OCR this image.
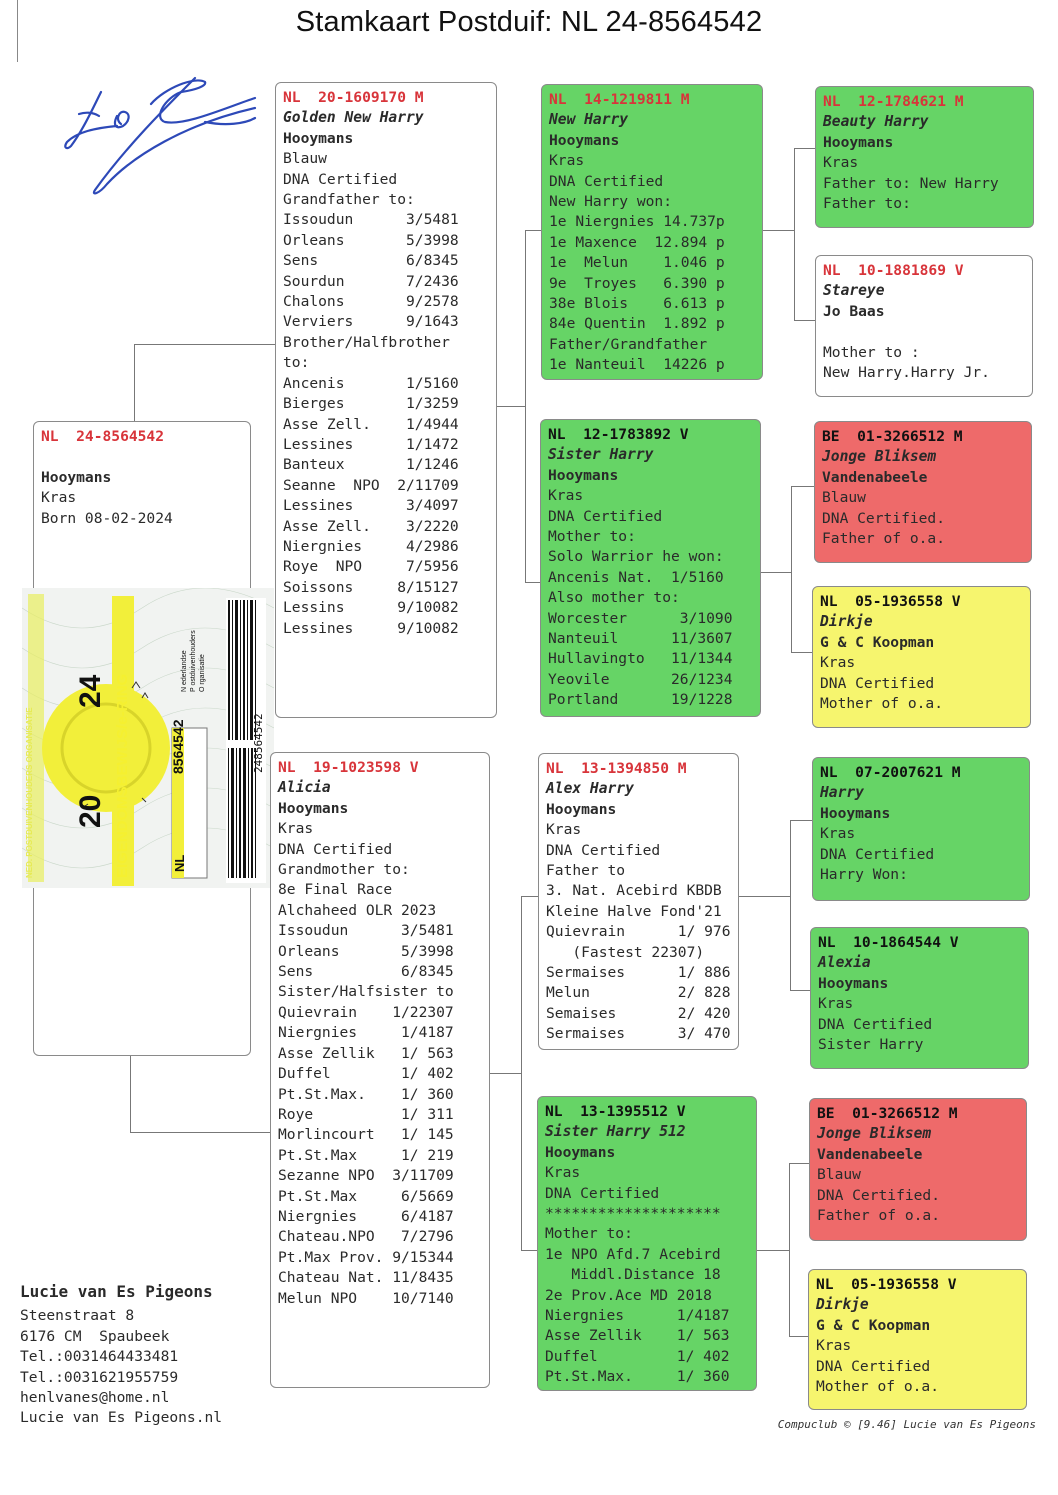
Stamkaart Postduif: NL 24-8564542
NL  24-8564542
Hooymans
Kras
Born 08-02-2024
24
20 EIGENDOMSBEWIJS/e-RING
NED. POSTDUIVENHOUDERS ORGANISATIE	8564542
NL
248564542
N ederlandse P ostduivenhouders O rganisatie
NL  20-1609170 M
Golden New Harry
Hooymans
Blauw
DNA Certified
Grandfather to:
Issoudun      3/5481
Orleans       5/3998
Sens          6/8345
Sourdun       7/2436
Chalons       9/2578
Verviers      9/1643
Brother/Halfbrother
to:
Ancenis       1/5160
Bierges       1/3259
Asse Zell.    1/4944
Lessines      1/1472
Banteux       1/1246
Seanne  NPO  2/11709
Lessines      3/4097
Asse Zell.    3/2220
Niergnies     4/2986
Roye  NPO     7/5956
Soissons     8/15127
Lessins      9/10082
Lessines     9/10082
NL  19-1023598 V
Alicia
Hooymans
Kras
DNA Certified
Grandmother to:
8e Final Race
Alchaheed OLR 2023
Issoudun      3/5481
Orleans       5/3998
Sens          6/8345
Sister/Halfsister to
Quievrain    1/22307
Niergnies     1/4187
Asse Zellik   1/ 563
Duffel        1/ 402
Pt.St.Max.    1/ 360
Roye          1/ 311
Morlincourt   1/ 145
Pt.St.Max     1/ 219
Sezanne NPO  3/11709
Pt.St.Max     6/5669
Niergnies     6/4187
Chateau.NPO   7/2796
Pt.Max Prov. 9/15344
Chateau Nat. 11/8435
Melun NPO    10/7140
NL  14-1219811 M
New Harry
Hooymans
Kras
DNA Certified
New Harry won:
1e Niergnies 14.737p
1e Maxence  12.894 p
1e  Melun    1.046 p
9e  Troyes   6.390 p
38e Blois    6.613 p
84e Quentin  1.892 p
Father/Grandfather
1e Nanteuil  14226 p
NL  12-1783892 V
Sister Harry
Hooymans
Kras
DNA Certified
Mother to:
Solo Warrior he won:
Ancenis Nat.  1/5160
Also mother to:
Worcester      3/1090
Nanteuil      11/3607
Hullavingto   11/1344
Yeovile       26/1234
Portland      19/1228
NL  13-1394850 M
Alex Harry
Hooymans
Kras
DNA Certified
Father to
3. Nat. Acebird KBDB
Kleine Halve Fond'21
Quievrain      1/ 976
(Fastest 22307)
Sermaises      1/ 886
Melun          2/ 828
Semaises       2/ 420
Sermaises      3/ 470
NL  13-1395512 V
Sister Harry 512
Hooymans
Kras
DNA Certified
********************
Mother to:
1e NPO Afd.7 Acebird
Middl.Distance 18
2e Prov.Ace MD 2018
Niergnies      1/4187
Asse Zellik    1/ 563
Duffel         1/ 402
Pt.St.Max.     1/ 360
NL  12-1784621 M
Beauty Harry
Hooymans
Kras
Father to: New Harry
Father to:
NL  10-1881869 V
Stareye
Jo Baas
Mother to :
New Harry.Harry Jr.
BE  01-3266512 M
Jonge Bliksem
Vandenabeele
Blauw
DNA Certified.
Father of o.a.
NL  05-1936558 V
Dirkje
G & C Koopman
Kras
DNA Certified
Mother of o.a.
NL  07-2007621 M
Harry
Hooymans
Kras
DNA Certified
Harry Won:
NL  10-1864544 V
Alexia
Hooymans
Kras
DNA Certified
Sister Harry
BE  01-3266512 M
Jonge Bliksem
Vandenabeele
Blauw
DNA Certified.
Father of o.a.
NL  05-1936558 V
Dirkje
G & C Koopman
Kras
DNA Certified
Mother of o.a.
Lucie van Es Pigeons
Steenstraat 8
6176 CM  Spaubeek
Tel.:0031464433481
Tel.:0031621955759
henlvanes@home.nl
Lucie van Es Pigeons.nl	Compuclub © [9.46] Lucie van Es Pigeons
